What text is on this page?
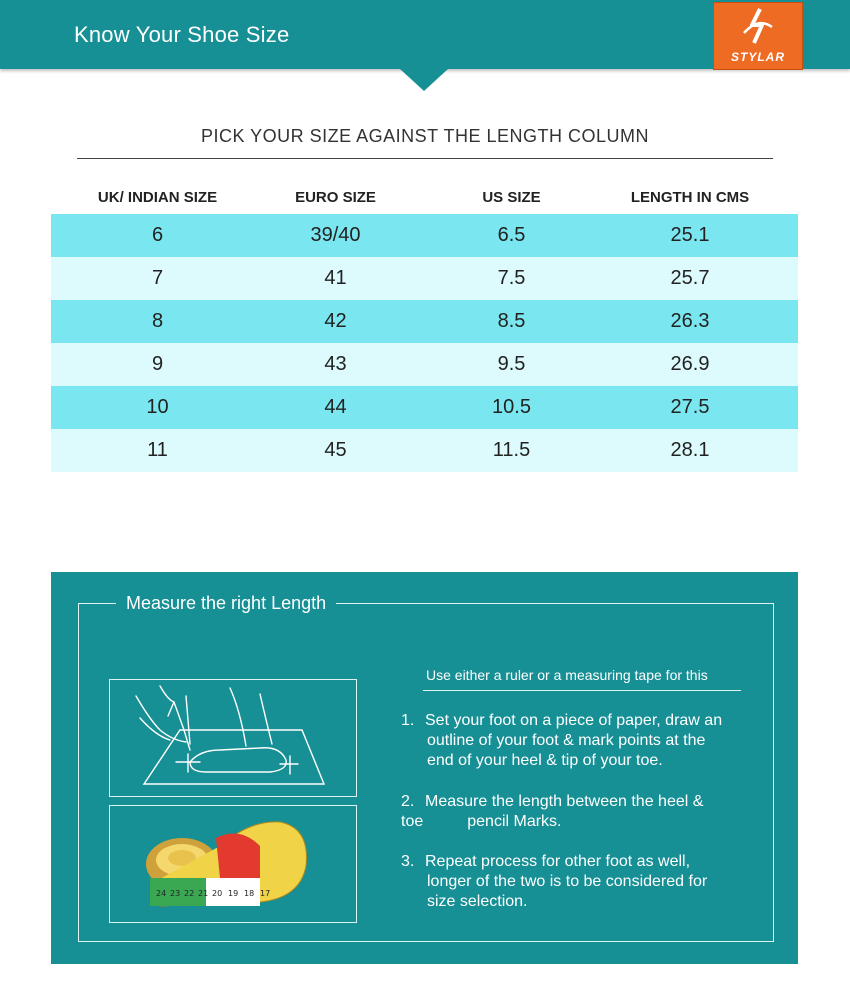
Know Your Shoe Size
STYLAR
PICK YOUR SIZE AGAINST THE LENGTH COLUMN
UK/ INDIAN SIZE	EURO SIZE	US SIZE	LENGTH IN CMS
6	39/40	6.5	25.1
7	41	7.5	25.7
8	42	8.5	26.3
9	43	9.5	26.9
10	44	10.5	27.5
11	45	11.5	28.1
Measure the right Length
24 23 22 21 20 19 18 17
Use either a ruler or a measuring tape for this
1. Set your foot on a piece of paper, draw an
outline of your foot & mark points at the
end of your heel & tip of your toe.
2. Measure the length between the heel &
toe	pencil Marks.
3. Repeat process for other foot as well,
longer of the two is to be considered for
size selection.
